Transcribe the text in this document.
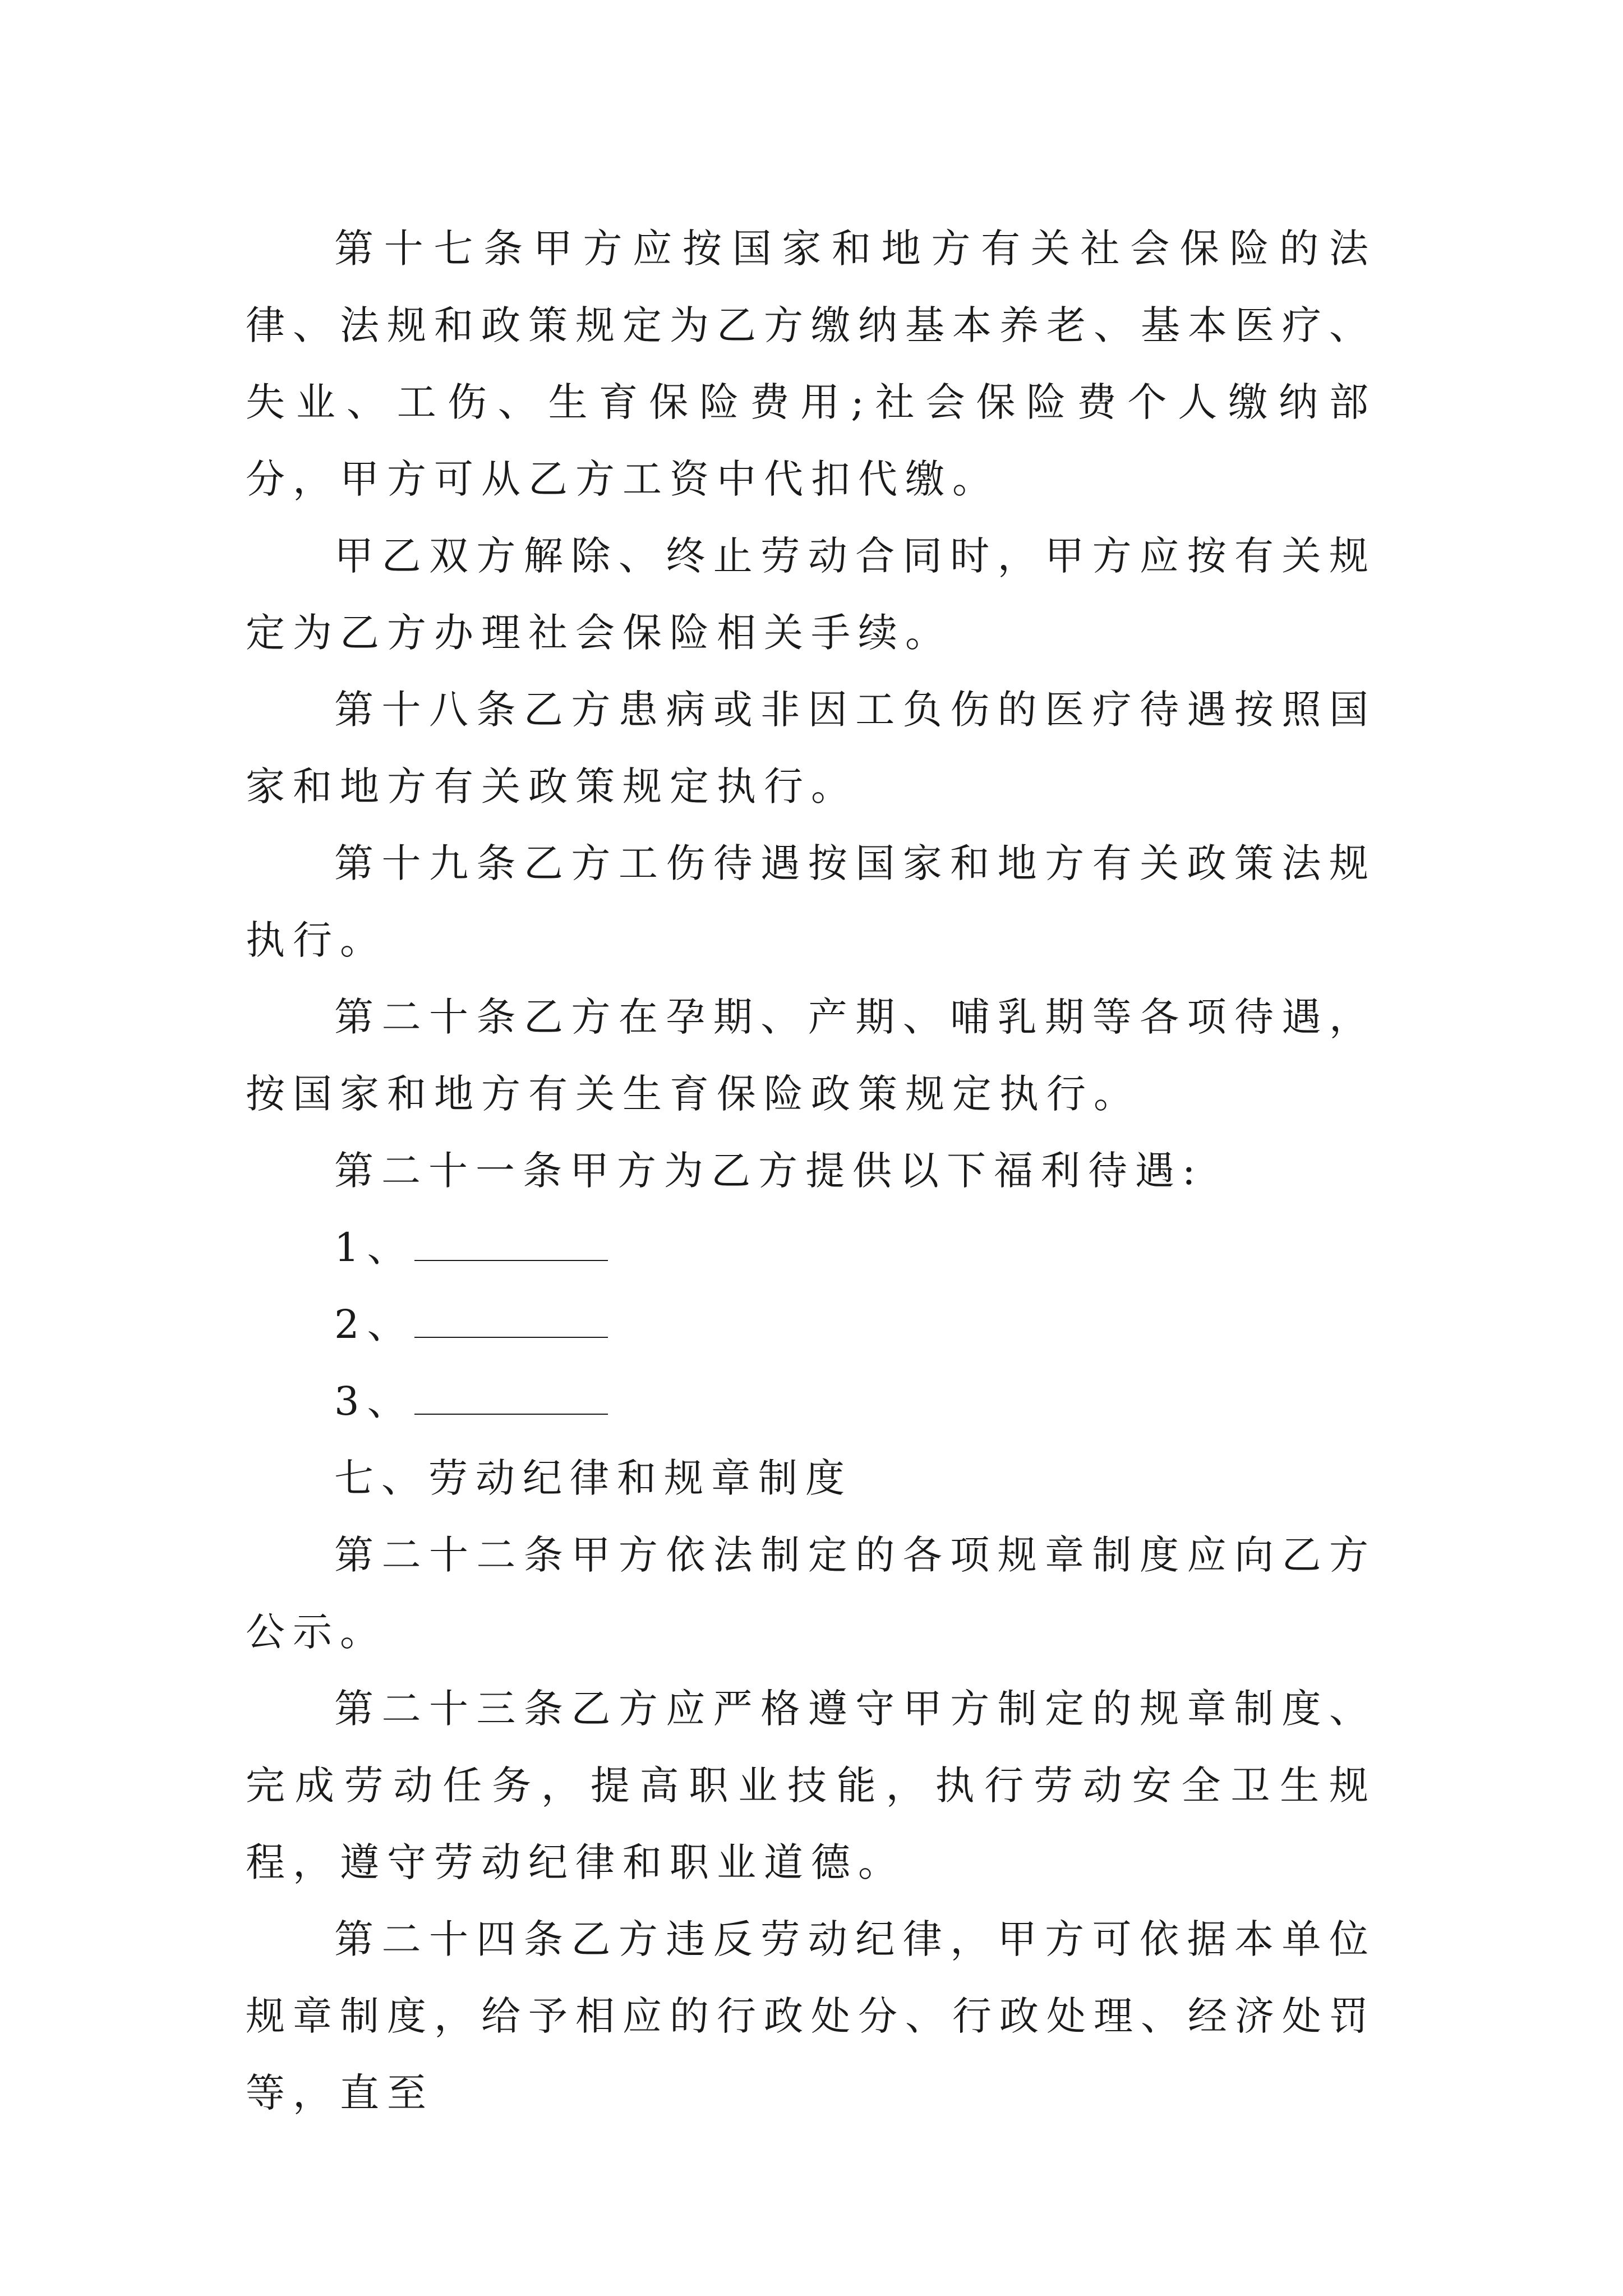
第十七条甲方应按国家和地方有关社会保险的法律、法规和政策规定为乙方缴纳基本养老、基本医疗、失业、工伤、生育保险费用;社会保险费个人缴纳部分，甲方可从乙方工资中代扣代缴。

甲乙双方解除、终止劳动合同时，甲方应按有关规定为乙方办理社会保险相关手续。

第十八条乙方患病或非因工负伤的医疗待遇按照国家和地方有关政策规定执行。

第十九条乙方工伤待遇按国家和地方有关政策法规执行。

第二十条乙方在孕期、产期、哺乳期等各项待遇，按国家和地方有关生育保险政策规定执行。

第二十一条甲方为乙方提供以下福利待遇:

1、

2、

3、

七、劳动纪律和规章制度

第二十二条甲方依法制定的各项规章制度应向乙方公示。

第二十三条乙方应严格遵守甲方制定的规章制度、完成劳动任务，提高职业技能，执行劳动安全卫生规程，遵守劳动纪律和职业道德。

第二十四条乙方违反劳动纪律，甲方可依据本单位规章制度，给予相应的行政处分、行政处理、经济处罚等，直至
